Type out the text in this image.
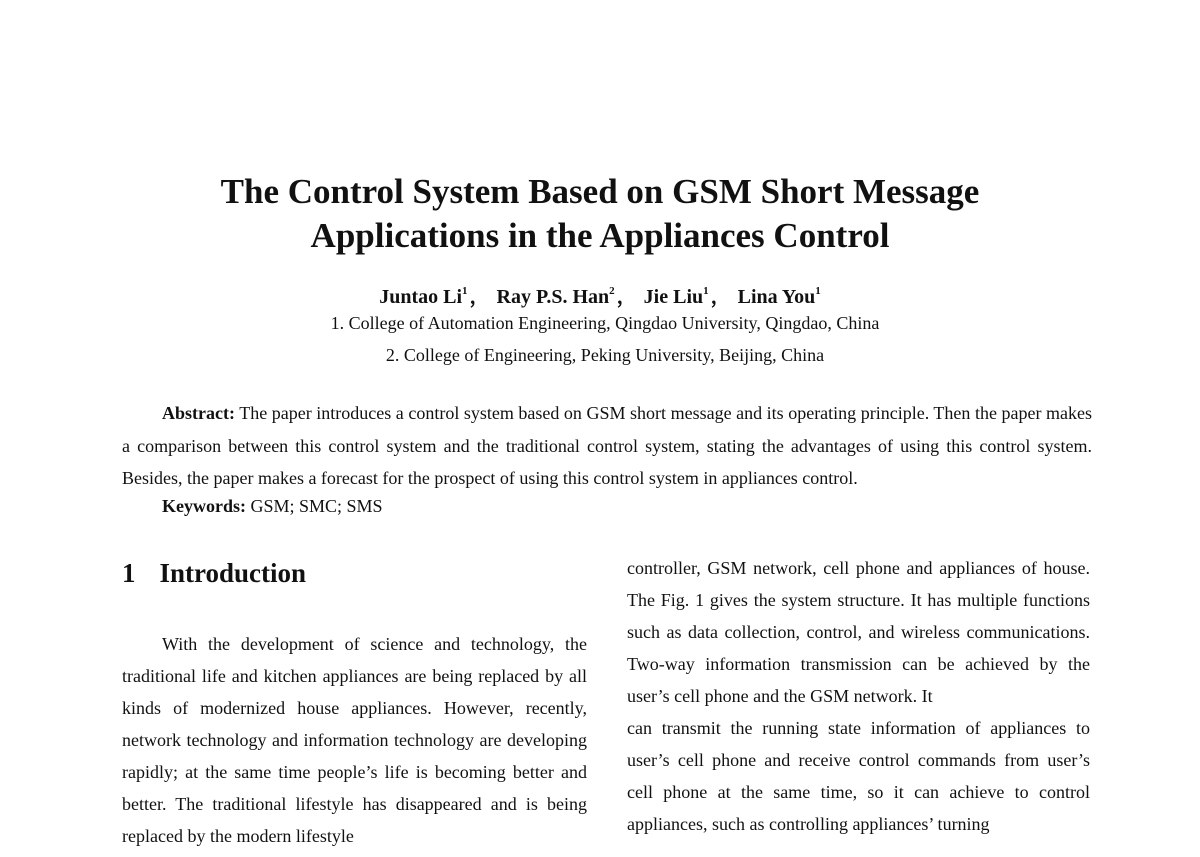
The Control System Based on GSM Short Message
Applications in the Appliances Control
Juntao Li$^1$ ， Ray P.S. Han$^2$ ， Jie Liu$^1$ ， Lina You$^1$
1. College of Automation Engineering, Qingdao University, Qingdao, China
2. College of Engineering, Peking University, Beijing, China

Abstract: The paper introduces a control system based on GSM short message and its operating principle. Then the paper makes a comparison between this control system and the traditional control system, stating the advantages of using this control system. Besides, the paper makes a forecast for the prospect of using this control system in appliances control.

Keywords: GSM; SMC; SMS
1 Introduction

With the development of science and technology, the traditional life and kitchen appliances are being replaced by all kinds of modernized house appliances. However, recently, network technology and information technology are developing rapidly; at the same time people’s life is becoming better and better. The traditional lifestyle has disappeared and is being replaced by the modern lifestyle

controller, GSM network, cell phone and appliances of house. The Fig. 1 gives the system structure. It has multiple functions such as data collection, control, and wireless communications. Two-way information transmission can be achieved by the user’s cell phone and the GSM network. It

can transmit the running state information of appliances to user’s cell phone and receive control commands from user’s cell phone at the same time, so it can achieve to control appliances, such as controlling appliances’ turning
